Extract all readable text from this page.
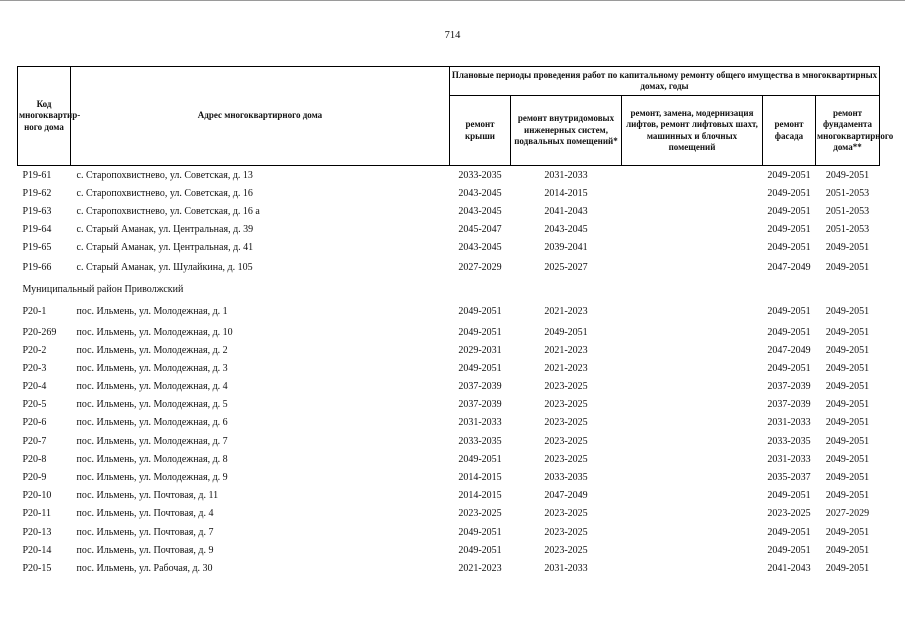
714
Код многоквартир-ного дома	Адрес многоквартирного дома	Плановые периоды проведения работ по капитальному ремонту общего имущества в многоквартирных домах, годы				
		ремонт крыши	ремонт внутридомовых инженерных систем, подвальных помещений*	ремонт, замена, модернизация лифтов, ремонт лифтовых шахт, машинных и блочных помещений	ремонт фасада	ремонт фундамента многоквартирного дома**
P19-61	с. Старопохвистнево, ул. Советская, д. 13	2033-2035	2031-2033		2049-2051	2049-2051
P19-62	с. Старопохвистнево, ул. Советская, д. 16	2043-2045	2014-2015		2049-2051	2051-2053
P19-63	с. Старопохвистнево, ул. Советская, д. 16 а	2043-2045	2041-2043		2049-2051	2051-2053
P19-64	с. Старый Аманак, ул. Центральная, д. 39	2045-2047	2043-2045		2049-2051	2051-2053
P19-65	с. Старый Аманак, ул. Центральная, д. 41	2043-2045	2039-2041		2049-2051	2049-2051
P19-66	с. Старый Аманак, ул. Шулайкина, д. 105	2027-2029	2025-2027		2047-2049	2049-2051
Муниципальный район Приволжский						
P20-1	пос. Ильмень, ул. Молодежная, д. 1	2049-2051	2021-2023		2049-2051	2049-2051
P20-269	пос. Ильмень, ул. Молодежная, д. 10	2049-2051	2049-2051		2049-2051	2049-2051
P20-2	пос. Ильмень, ул. Молодежная, д. 2	2029-2031	2021-2023		2047-2049	2049-2051
P20-3	пос. Ильмень, ул. Молодежная, д. 3	2049-2051	2021-2023		2049-2051	2049-2051
P20-4	пос. Ильмень, ул. Молодежная, д. 4	2037-2039	2023-2025		2037-2039	2049-2051
P20-5	пос. Ильмень, ул. Молодежная, д. 5	2037-2039	2023-2025		2037-2039	2049-2051
P20-6	пос. Ильмень, ул. Молодежная, д. 6	2031-2033	2023-2025		2031-2033	2049-2051
P20-7	пос. Ильмень, ул. Молодежная, д. 7	2033-2035	2023-2025		2033-2035	2049-2051
P20-8	пос. Ильмень, ул. Молодежная, д. 8	2049-2051	2023-2025		2031-2033	2049-2051
P20-9	пос. Ильмень, ул. Молодежная, д. 9	2014-2015	2033-2035		2035-2037	2049-2051
P20-10	пос. Ильмень, ул. Почтовая, д. 11	2014-2015	2047-2049		2049-2051	2049-2051
P20-11	пос. Ильмень, ул. Почтовая, д. 4	2023-2025	2023-2025		2023-2025	2027-2029
P20-13	пос. Ильмень, ул. Почтовая, д. 7	2049-2051	2023-2025		2049-2051	2049-2051
P20-14	пос. Ильмень, ул. Почтовая, д. 9	2049-2051	2023-2025		2049-2051	2049-2051
P20-15	пос. Ильмень, ул. Рабочая, д. 30	2021-2023	2031-2033		2041-2043	2049-2051
